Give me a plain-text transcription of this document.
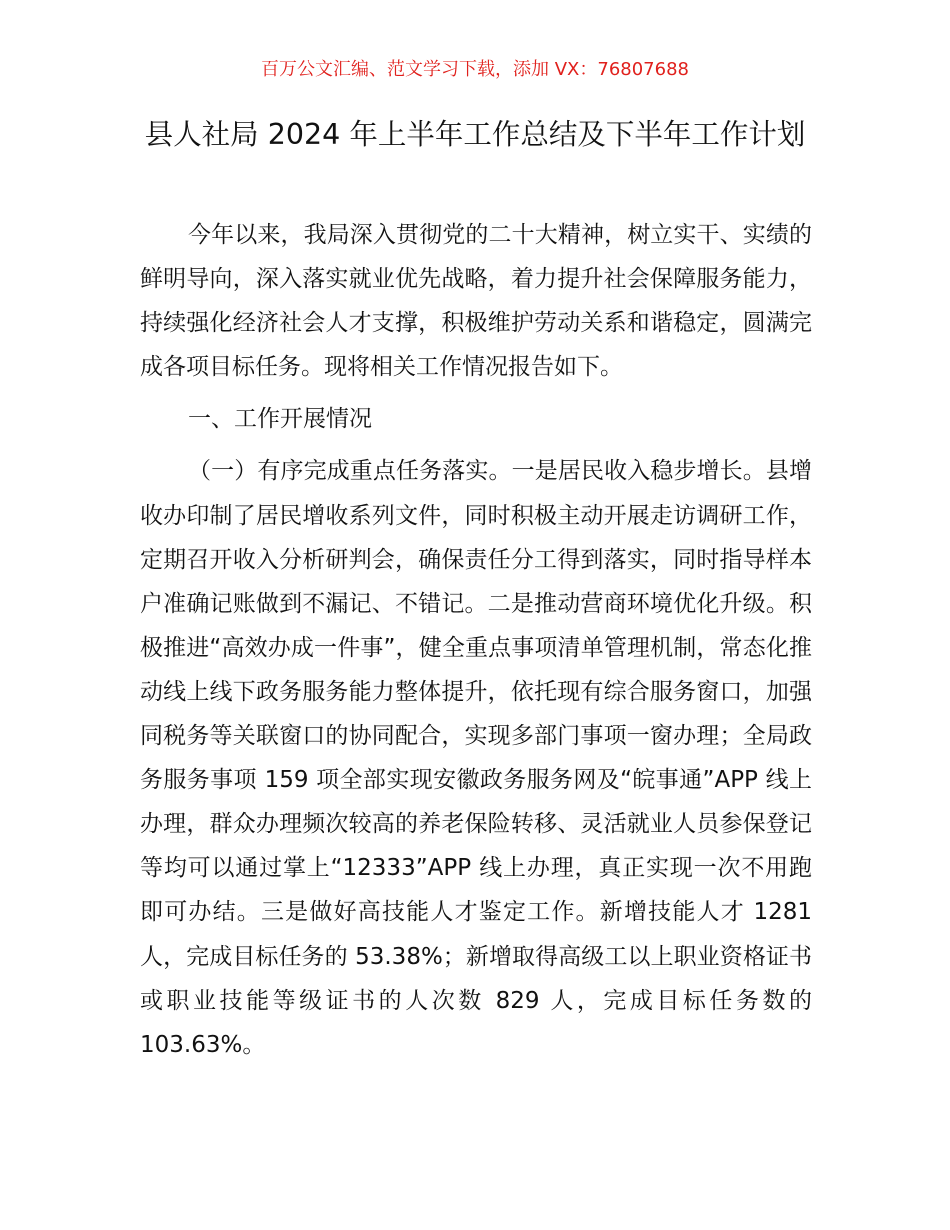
百万公文汇编、范文学习下载，添加 VX：76807688
县人社局 2024 年上半年工作总结及下半年工作计划

今年以来，我局深入贯彻党的二十大精神，树立实干、实绩的鲜明导向，深入落实就业优先战略，着力提升社会保障服务能力，持续强化经济社会人才支撑，积极维护劳动关系和谐稳定，圆满完成各项目标任务。现将相关工作情况报告如下。

一、工作开展情况

（一）有序完成重点任务落实。一是居民收入稳步增长。县增收办印制了居民增收系列文件，同时积极主动开展走访调研工作，定期召开收入分析研判会，确保责任分工得到落实，同时指导样本户准确记账做到不漏记、不错记。二是推动营商环境优化升级。积极推进“高效办成一件事”，健全重点事项清单管理机制，常态化推动线上线下政务服务能力整体提升，依托现有综合服务窗口，加强同税务等关联窗口的协同配合，实现多部门事项一窗办理；全局政务服务事项 159 项全部实现安徽政务服务网及“皖事通”APP 线上办理，群众办理频次较高的养老保险转移、灵活就业人员参保登记等均可以通过掌上“12333”APP 线上办理，真正实现一次不用跑即可办结。三是做好高技能人才鉴定工作。新增技能人才 1281 人，完成目标任务的 53.38%；新增取得高级工以上职业资格证书或职业技能等级证书的人次数 829 人，完成目标任务数的 103.63%。
